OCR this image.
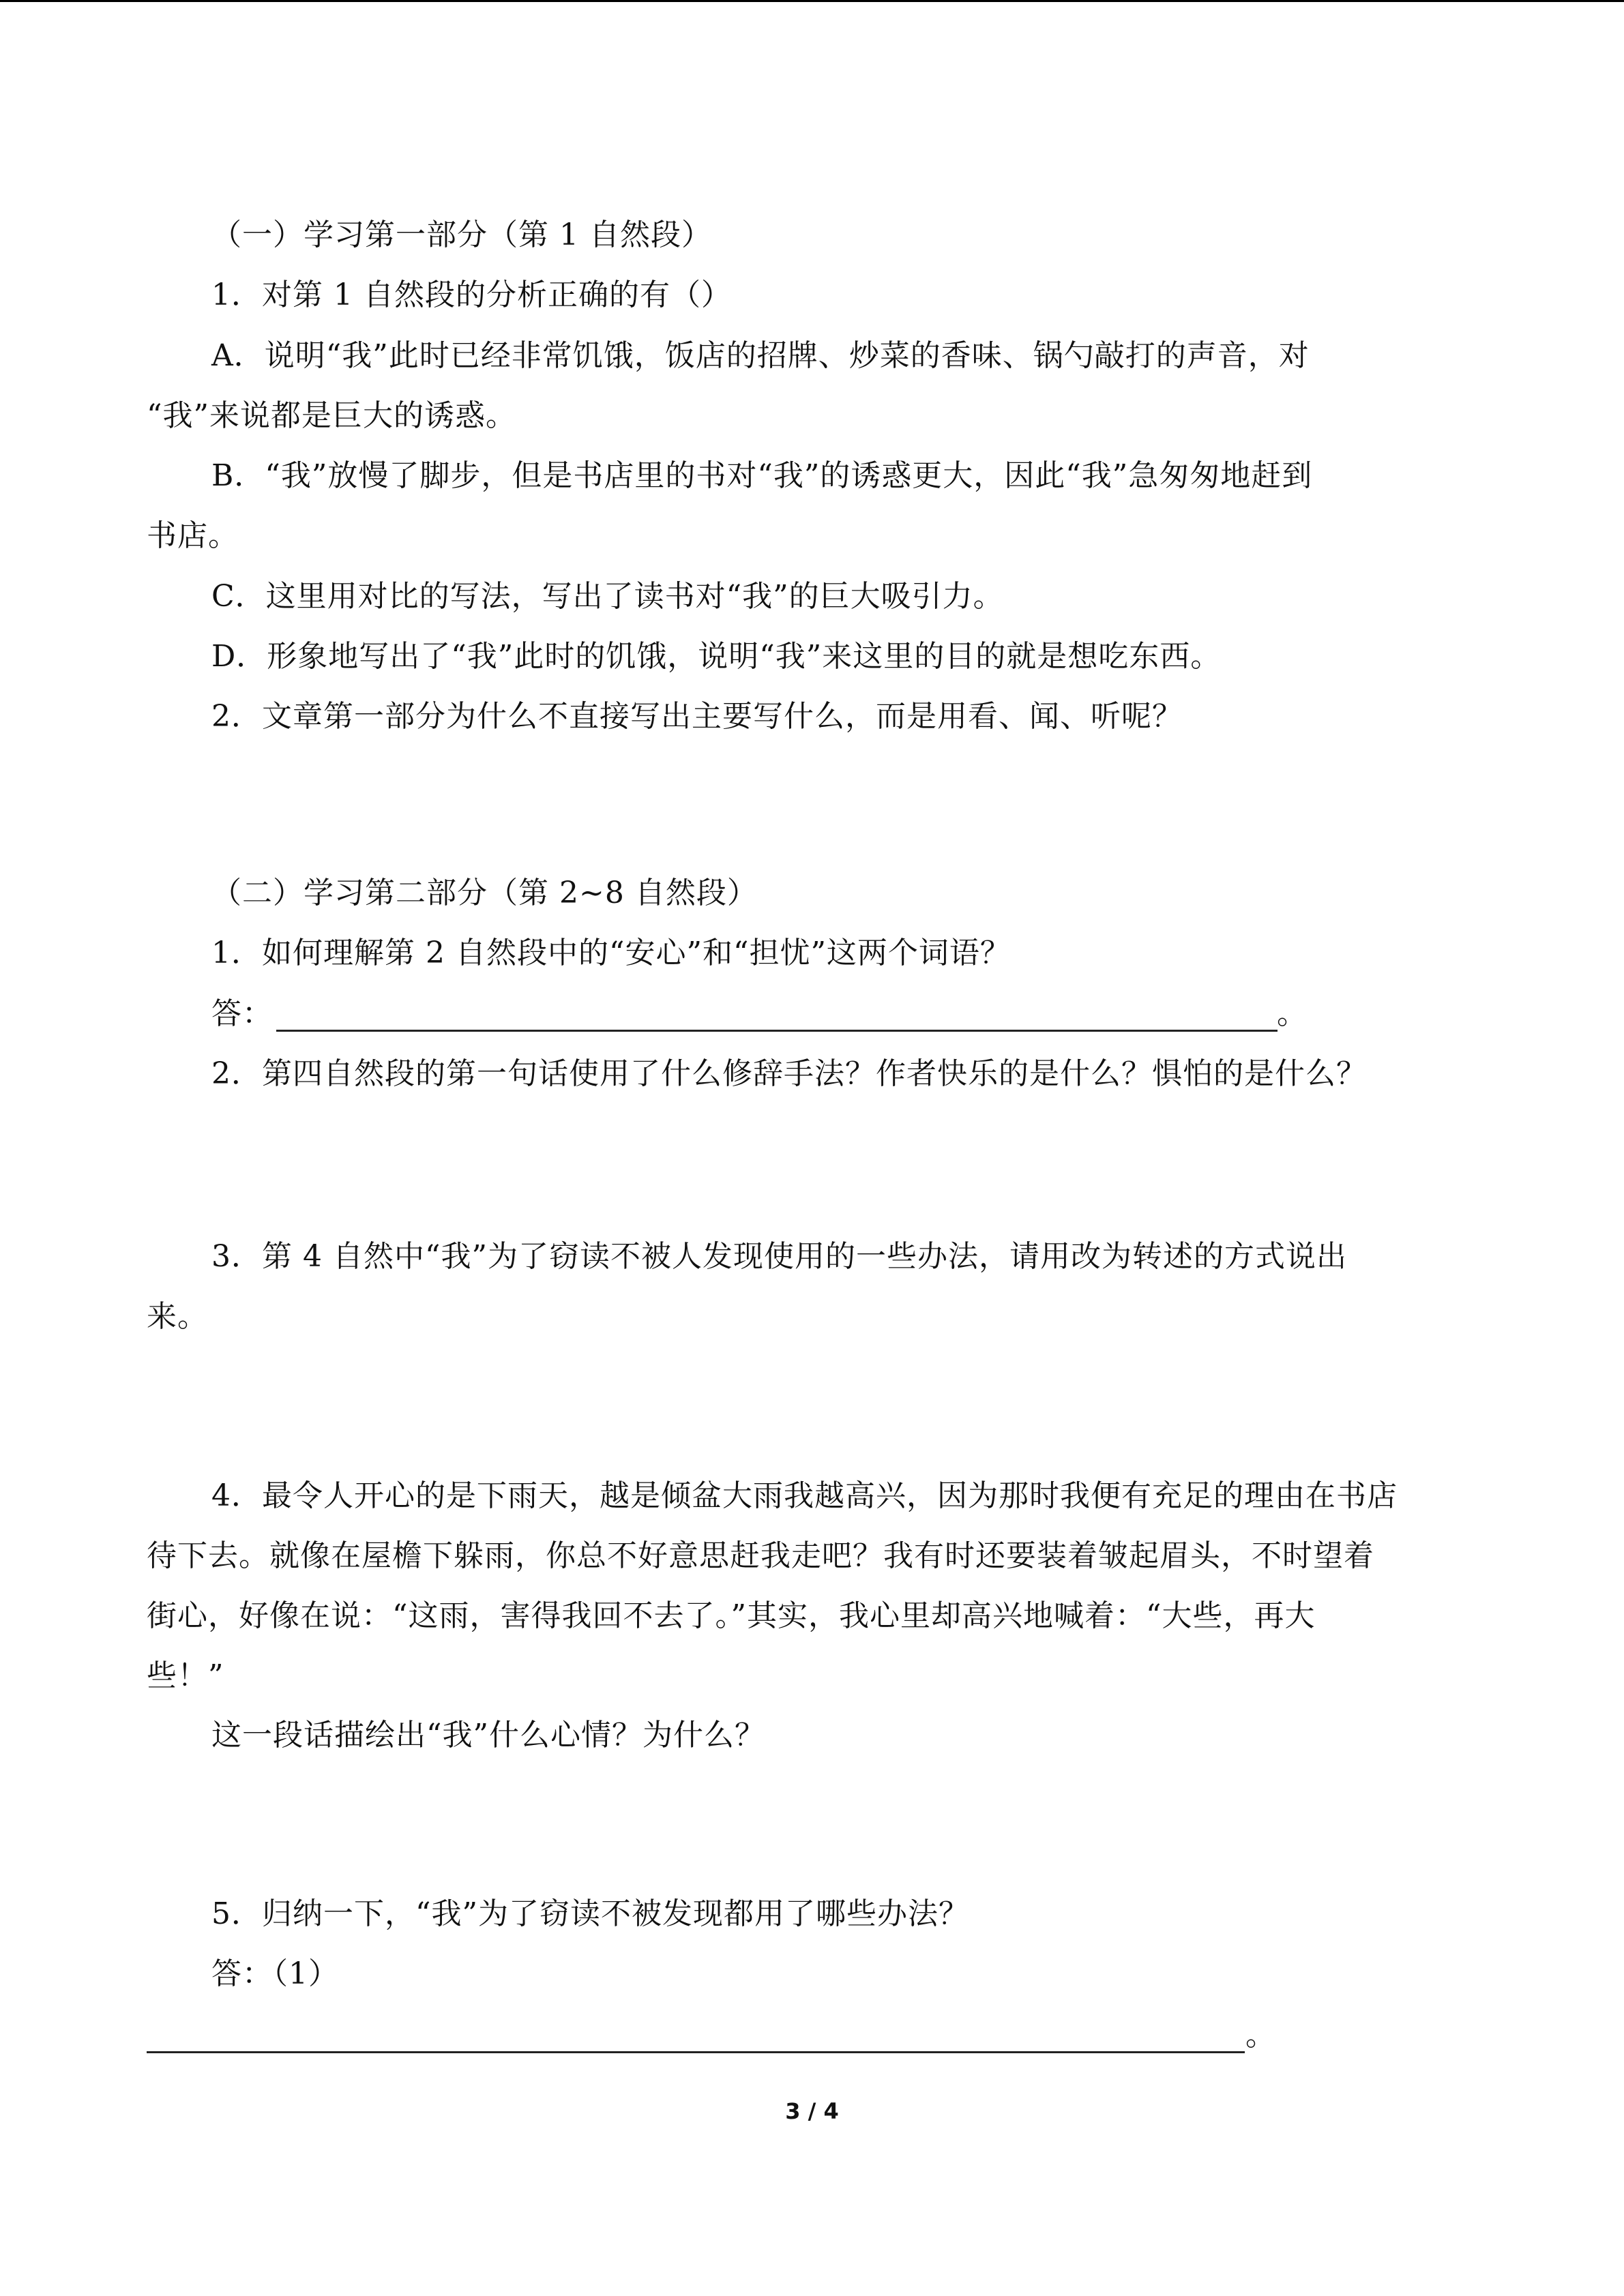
（一）学习第一部分（第 1 自然段）
1．对第 1 自然段的分析正确的有（）
A．说明“我”此时已经非常饥饿，饭店的招牌、炒菜的香味、锅勺敲打的声音，对
“我”来说都是巨大的诱惑。
B．“我”放慢了脚步，但是书店里的书对“我”的诱惑更大，因此“我”急匆匆地赶到
书店。
C．这里用对比的写法，写出了读书对“我”的巨大吸引力。
D．形象地写出了“我”此时的饥饿，说明“我”来这里的目的就是想吃东西。
2．文章第一部分为什么不直接写出主要写什么，而是用看、闻、听呢？
（二）学习第二部分（第 2~8 自然段）
1．如何理解第 2 自然段中的“安心”和“担忧”这两个词语？
答：	。
2．第四自然段的第一句话使用了什么修辞手法？作者快乐的是什么？惧怕的是什么？
3．第 4 自然中“我”为了窃读不被人发现使用的一些办法，请用改为转述的方式说出
来。
4．最令人开心的是下雨天，越是倾盆大雨我越高兴，因为那时我便有充足的理由在书店
待下去。就像在屋檐下躲雨，你总不好意思赶我走吧？我有时还要装着皱起眉头，不时望着
街心，好像在说：“这雨，害得我回不去了。”其实，我心里却高兴地喊着：“大些，再大
些！”
这一段话描绘出“我”什么心情？为什么？
5．归纳一下，“我”为了窃读不被发现都用了哪些办法？
答：（1）
。
3 / 4
